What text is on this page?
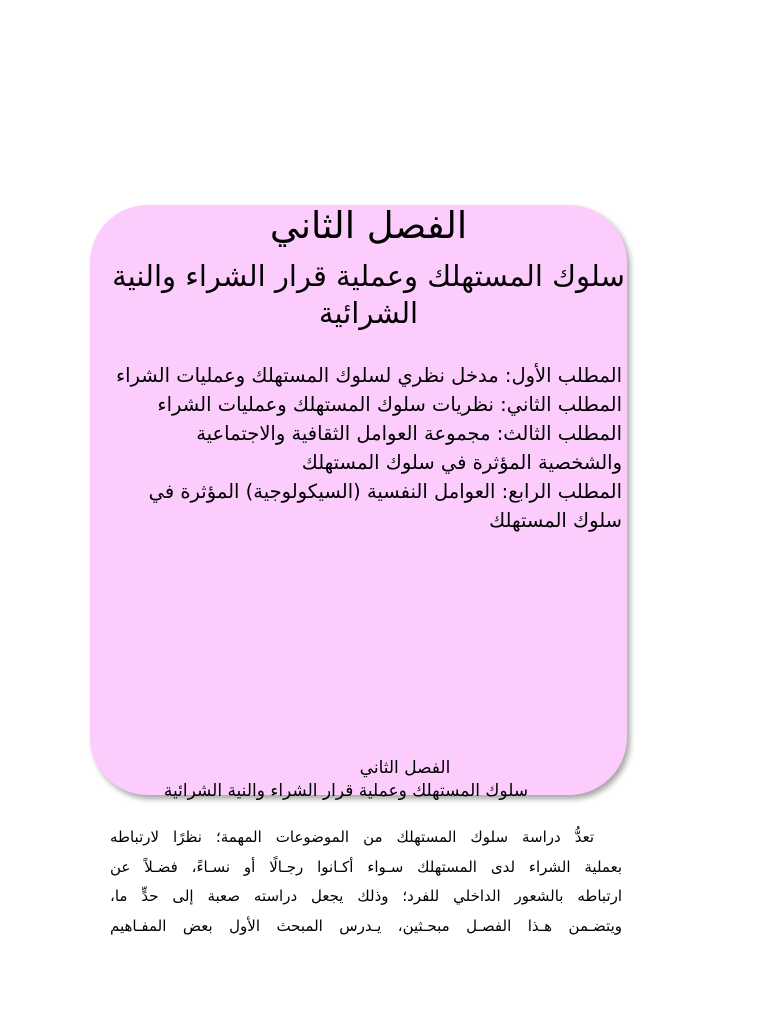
الفصل الثاني
سلوك المستهلك وعملية قرار الشراء والنية الشرائية
المطلب الأول: مدخل نظري لسلوك المستهلك وعمليات الشراء
المطلب الثاني: نظريات سلوك المستهلك وعمليات الشراء
المطلب الثالث: مجموعة العوامل الثقافية والاجتماعية والشخصية المؤثرة في سلوك المستهلك
المطلب الرابع: العوامل النفسية (السيكولوجية) المؤثرة في سلوك المستهلك
الفصل الثاني
سلوك المستهلك وعملية قرار الشراء والنية الشرائية
تعدُّ دراسة سلوك المستهلك من الموضوعات المهمة؛ نظرًا لارتباطه
بعملية الشراء لدى المستهلك سـواء أكـانوا رجـالًا أو نسـاءً، فضـلاً عن
ارتباطه بالشعور الداخلي للفرد؛ وذلك يجعل دراسته صعبة إلى حدٍّ ما،
ويتضـمن هـذا الفصـل مبحـثين، يـدرس المبحث الأول بعض المفـاهيم
